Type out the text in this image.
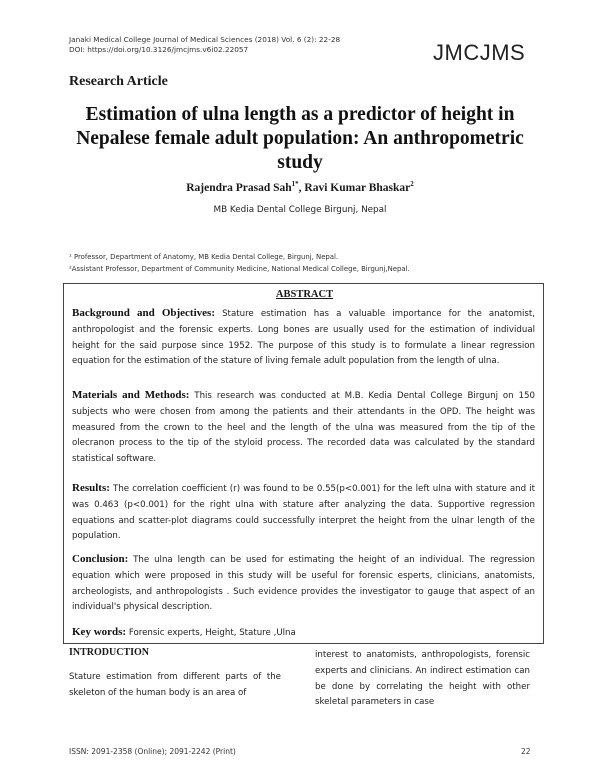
Janaki Medical College Journal of Medical Sciences (2018) Vol. 6 (2): 22-28
DOI: https://doi.org/10.3126/jmcjms.v6i02.22057	JMCJMS
Research Article
Estimation of ulna length as a predictor of height in Nepalese female adult population: An anthropometric study
Rajendra Prasad Sah$^{1*}$, Ravi Kumar Bhaskar$^2$
MB Kedia Dental College Birgunj, Nepal
¹ Professor, Department of Anatomy, MB Kedia Dental College, Birgunj, Nepal.
²Assistant Professor, Department of Community Medicine, National Medical College, Birgunj,Nepal.
ABSTRACT
Background and Objectives: Stature estimation has a valuable importance for the anatomist, anthropologist and the forensic experts. Long bones are usually used for the estimation of individual height for the said purpose since 1952. The purpose of this study is to formulate a linear regression equation for the estimation of the stature of living female adult population from the length of ulna.
Materials and Methods: This research was conducted at M.B. Kedia Dental College Birgunj on 150 subjects who were chosen from among the patients and their attendants in the OPD. The height was measured from the crown to the heel and the length of the ulna was measured from the tip of the olecranon process to the tip of the styloid process. The recorded data was calculated by the standard statistical software.
Results: The correlation coefficient (r) was found to be 0.55(p<0.001) for the left ulna with stature and it was 0.463 (p<0.001) for the right ulna with stature after analyzing the data. Supportive regression equations and scatter-plot diagrams could successfully interpret the height from the ulnar length of the population.
Conclusion: The ulna length can be used for estimating the height of an individual. The regression equation which were proposed in this study will be useful for forensic esperts, clinicians, anatomists, archeologists, and anthropologists . Such evidence provides the investigator to gauge that aspect of an individual's physical description.
Key words: Forensic experts, Height, Stature ,Ulna
INTRODUCTION
Stature estimation from different parts of the skeleton of the human body is an area of
interest to anatomists, anthropologists, forensic experts and clinicians. An indirect estimation can be done by correlating the height with other skeletal parameters in case
ISSN: 2091-2358 (Online); 2091-2242 (Print)	22
